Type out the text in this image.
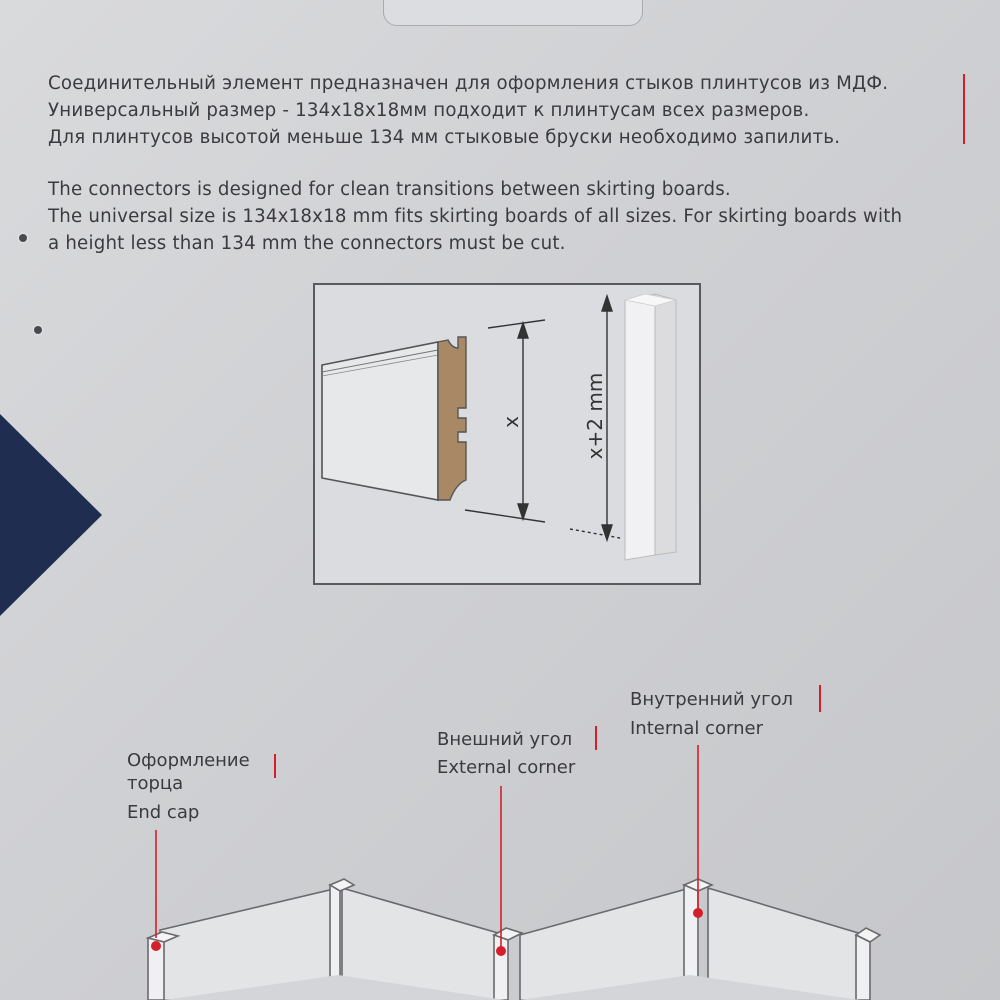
Соединительный элемент предназначен для оформления стыков плинтусов из МДФ.
Универсальный размер - 134x18x18мм подходит к плинтусам всех размеров.
Для плинтусов высотой меньше 134 мм стыковые бруски необходимо запилить.
The connectors is designed for clean transitions between skirting boards.
The universal size is 134x18x18 mm fits skirting boards of all sizes. For skirting boards with
a height less than 134 mm the connectors must be cut.
x	x+2 mm
Оформление
торца
End cap
Внешний угол
External corner
Внутренний угол
Internal corner
